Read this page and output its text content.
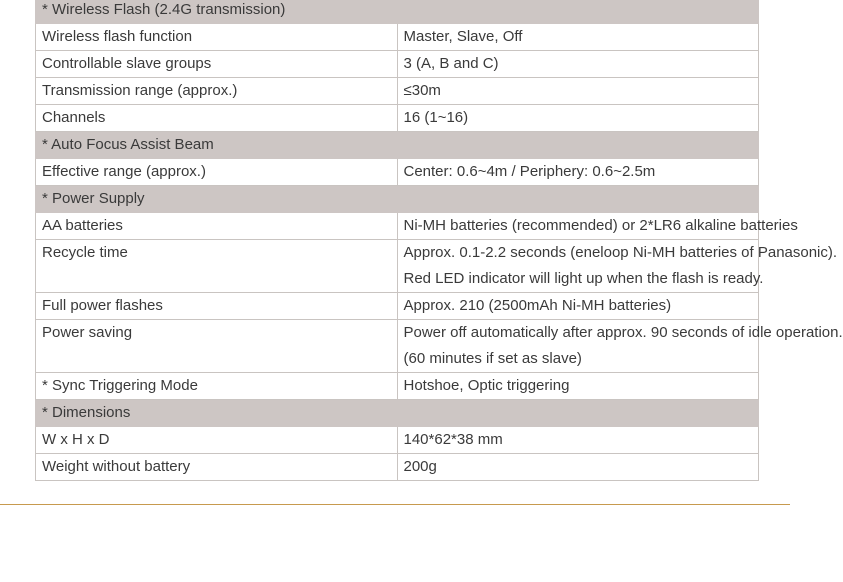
* Wireless Flash (2.4G transmission)	
Wireless flash function	Master, Slave, Off
Controllable slave groups	3 (A, B and C)
Transmission range (approx.)	≤30m
Channels	16 (1~16)
* Auto Focus Assist Beam	
Effective range (approx.)	Center: 0.6~4m / Periphery: 0.6~2.5m
* Power Supply	
AA batteries	Ni-MH batteries (recommended) or 2*LR6 alkaline batteries
Recycle time	Approx. 0.1-2.2 seconds (eneloop Ni-MH batteries of Panasonic).
Red LED indicator will light up when the flash is ready.

Full power flashes	Approx. 210 (2500mAh Ni-MH batteries)
Power saving	Power off automatically after approx. 90 seconds of idle operation.
(60 minutes if set as slave)

* Sync Triggering Mode	Hotshoe, Optic triggering
* Dimensions	
W x H x D	140*62*38 mm
Weight without battery	200g
